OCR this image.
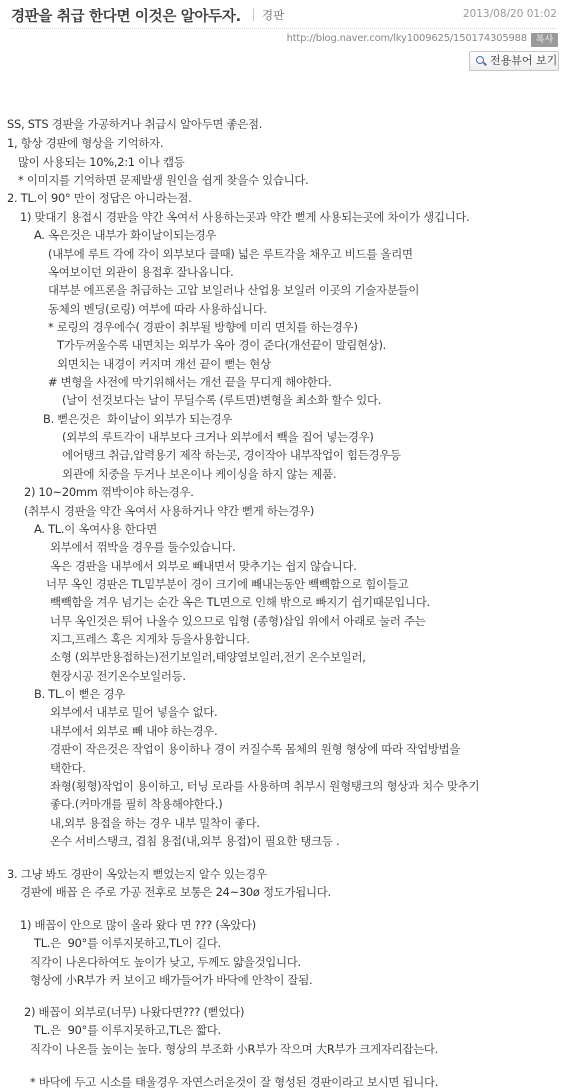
경판을 취급 한다면 이것은 알아두자. 경판	2013/08/20 01:02
http://blog.naver.com/lky1009625/150174305988 복사
전용뷰어 보기
SS, STS 경판을 가공하거나 취급시 알아두면 좋은점.
1, 항상 경판에 형상을 기억하자.
많이 사용되는 10%,2:1 이나 캡등
* 이미지를 기억하면 문제발생 원인을 쉽게 찾을수 있습니다.
2. TL.이 90° 만이 정답은 아니라는점.
1) 맞대기 용접시 경판을 약간 옥여서 사용하는곳과 약간 뻗게 사용되는곳에 차이가 생깁니다.
A. 옥은것은 내부가 화이날이되는경우
(내부에 루트 각에 각이 외부보다 클때) 넓은 루트각을 채우고 비드를 올리면
옥여보이던 외관이 용접후 잘나옵니다.
대부분 에프론을 취급하는 고압 보일러나 산업용 보일러 이곳의 기술자분들이
동체의 벤딩(로링) 여부에 따라 사용하십니다.
* 로링의 경우에수( 경판이 취부될 방향에 미리 면치를 하는경우)
T가두꺼울수록 내면치는 외부가 옥아 경이 준다(개선끝이 말림현상).
외면치는 내경이 커지며 개선 끝이 뻗는 현상
# 변형을 사전에 막기위해서는 개선 끝을 무디게 해야한다.
(날이 선것보다는 날이 무딜수록 (루트면)변형을 최소화 할수 있다.
B. 뻗은것은  화이날이 외부가 되는경우
(외부의 루트각이 내부보다 크거나 외부에서 빽을 집어 넣는경우)
에어탱크 취급,압력용기 제작 하는곳, 경이작아 내부작업이 힘든경우등
외관에 치중을 두거나 보온이나 케이싱을 하지 않는 제품.
2) 10~20mm 꺾박이야 하는경우.
(취부시 경판을 약간 옥여서 사용하거나 약간 뻗게 하는경우)
A. TL.이 옥여사용 한다면
외부에서 꺾박을 경우를 둘수있습니다.
옥은 경판을 내부에서 외부로 빼내면서 맞추기는 쉽지 않습니다.
너무 옥인 경판은 TL밑부분이 경이 크기에 빼내는동안 빽빽함으로 힘이들고
빽빽함을 겨우 넘기는 순간 옥은 TL면으로 인해 밖으로 빠지기 쉽기때문입니다.
너무 옥인것은 튀어 나올수 있으므로 입형 (종형)삽입 위에서 아래로 눌러 주는
지그,프레스 혹은 지게차 등을사용합니다.
소형 (외부만용접하는)전기보일러,태양열보일러,전기 온수보일러,
현장시공 전기온수보일러등.
B. TL.이 뻗은 경우
외부에서 내부로 밀어 넣을수 없다.
내부에서 외부로 빼 내야 하는경우.
경판이 작은것은 작업이 용이하나 경이 커질수록 몸체의 원형 형상에 따라 작업방법을
택한다.
좌형(횡형)작업이 용이하고, 터닝 로라를 사용하며 취부시 원형탱크의 형상과 치수 맞추기
좋다.(커마개를 필히 착용해야한다.)
내,외부 용접을 하는 경우 내부 밀착이 좋다.
온수 서비스탱크, 겹침 용접(내,외부 용접)이 필요한 탱크등 .
3. 그냥 봐도 경판이 옥았는지 뻗었는지 알수 있는경우
경판에 배꼽 은 주로 가공 전후로 보통은 24~30ø 정도가됩니다.
1) 배꼽이 안으로 많이 올라 왔다 면 ??? (옥았다)
TL.은  90°를 이루지못하고,TL이 길다.
직각이 나온다하여도 높이가 낮고, 두께도 얇을것입니다.
형상에 小R부가 커 보이고 배가들어가 바닥에 안착이 잘됨.
2) 배꼽이 외부로(너무) 나왔다면??? (뻗었다)
TL.은  90°를 이루지못하고,TL은 짧다.
직각이 나온들 높이는 높다. 형상의 부조화 小R부가 작으며 大R부가 크게자리잡는다.
* 바닥에 두고 시소를 태울경우 자연스러운것이 잘 형성된 경판이라고 보시면 됩니다.
